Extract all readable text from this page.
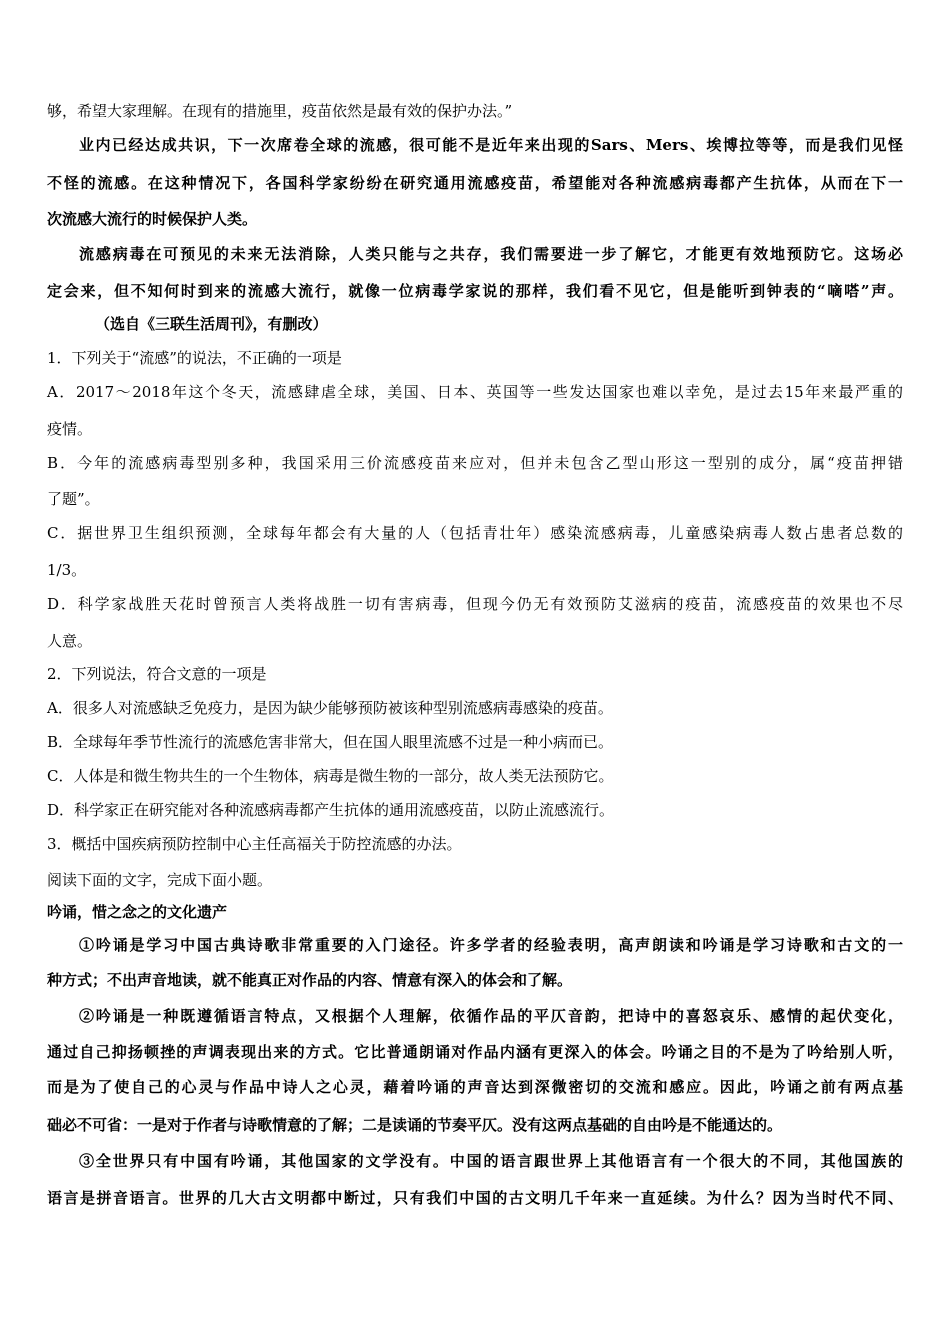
够，希望大家理解。在现有的措施里，疫苗依然是最有效的保护办法。”
业内已经达成共识，下一次席卷全球的流感，很可能不是近年来出现的Sars、Mers、埃博拉等等，而是我们见怪
不怪的流感。在这种情况下，各国科学家纷纷在研究通用流感疫苗，希望能对各种流感病毒都产生抗体，从而在下一
次流感大流行的时候保护人类。
流感病毒在可预见的未来无法消除，人类只能与之共存，我们需要进一步了解它，才能更有效地预防它。这场必
定会来，但不知何时到来的流感大流行，就像一位病毒学家说的那样，我们看不见它，但是能听到钟表的“嘀嗒”声。
（选自《三联生活周刊》，有删改）
1．下列关于“流感”的说法，不正确的一项是
A．2017～2018年这个冬天，流感肆虐全球，美国、日本、英国等一些发达国家也难以幸免，是过去15年来最严重的
疫情。
B．今年的流感病毒型别多种，我国采用三价流感疫苗来应对，但并未包含乙型山形这一型别的成分，属“疫苗押错
了题”。
C．据世界卫生组织预测，全球每年都会有大量的人（包括青壮年）感染流感病毒，儿童感染病毒人数占患者总数的
1/3。
D．科学家战胜天花时曾预言人类将战胜一切有害病毒，但现今仍无有效预防艾滋病的疫苗，流感疫苗的效果也不尽
人意。
2．下列说法，符合文意的一项是
A．很多人对流感缺乏免疫力，是因为缺少能够预防被该种型别流感病毒感染的疫苗。
B．全球每年季节性流行的流感危害非常大，但在国人眼里流感不过是一种小病而已。
C．人体是和微生物共生的一个生物体，病毒是微生物的一部分，故人类无法预防它。
D．科学家正在研究能对各种流感病毒都产生抗体的通用流感疫苗，以防止流感流行。
3．概括中国疾病预防控制中心主任高福关于防控流感的办法。
阅读下面的文字，完成下面小题。
吟诵，惜之念之的文化遗产
①吟诵是学习中国古典诗歌非常重要的入门途径。许多学者的经验表明，高声朗读和吟诵是学习诗歌和古文的一
种方式；不出声音地读，就不能真正对作品的内容、情意有深入的体会和了解。
②吟诵是一种既遵循语言特点，又根据个人理解，依循作品的平仄音韵，把诗中的喜怒哀乐、感情的起伏变化，
通过自己抑扬顿挫的声调表现出来的方式。它比普通朗诵对作品内涵有更深入的体会。吟诵之目的不是为了吟给别人听，
而是为了使自己的心灵与作品中诗人之心灵，藉着吟诵的声音达到深微密切的交流和感应。因此，吟诵之前有两点基
础必不可省：一是对于作者与诗歌情意的了解；二是读诵的节奏平仄。没有这两点基础的自由吟是不能通达的。
③全世界只有中国有吟诵，其他国家的文学没有。中国的语言跟世界上其他语言有一个很大的不同，其他国族的
语言是拼音语言。世界的几大古文明都中断过，只有我们中国的古文明几千年来一直延续。为什么？因为当时代不同、
